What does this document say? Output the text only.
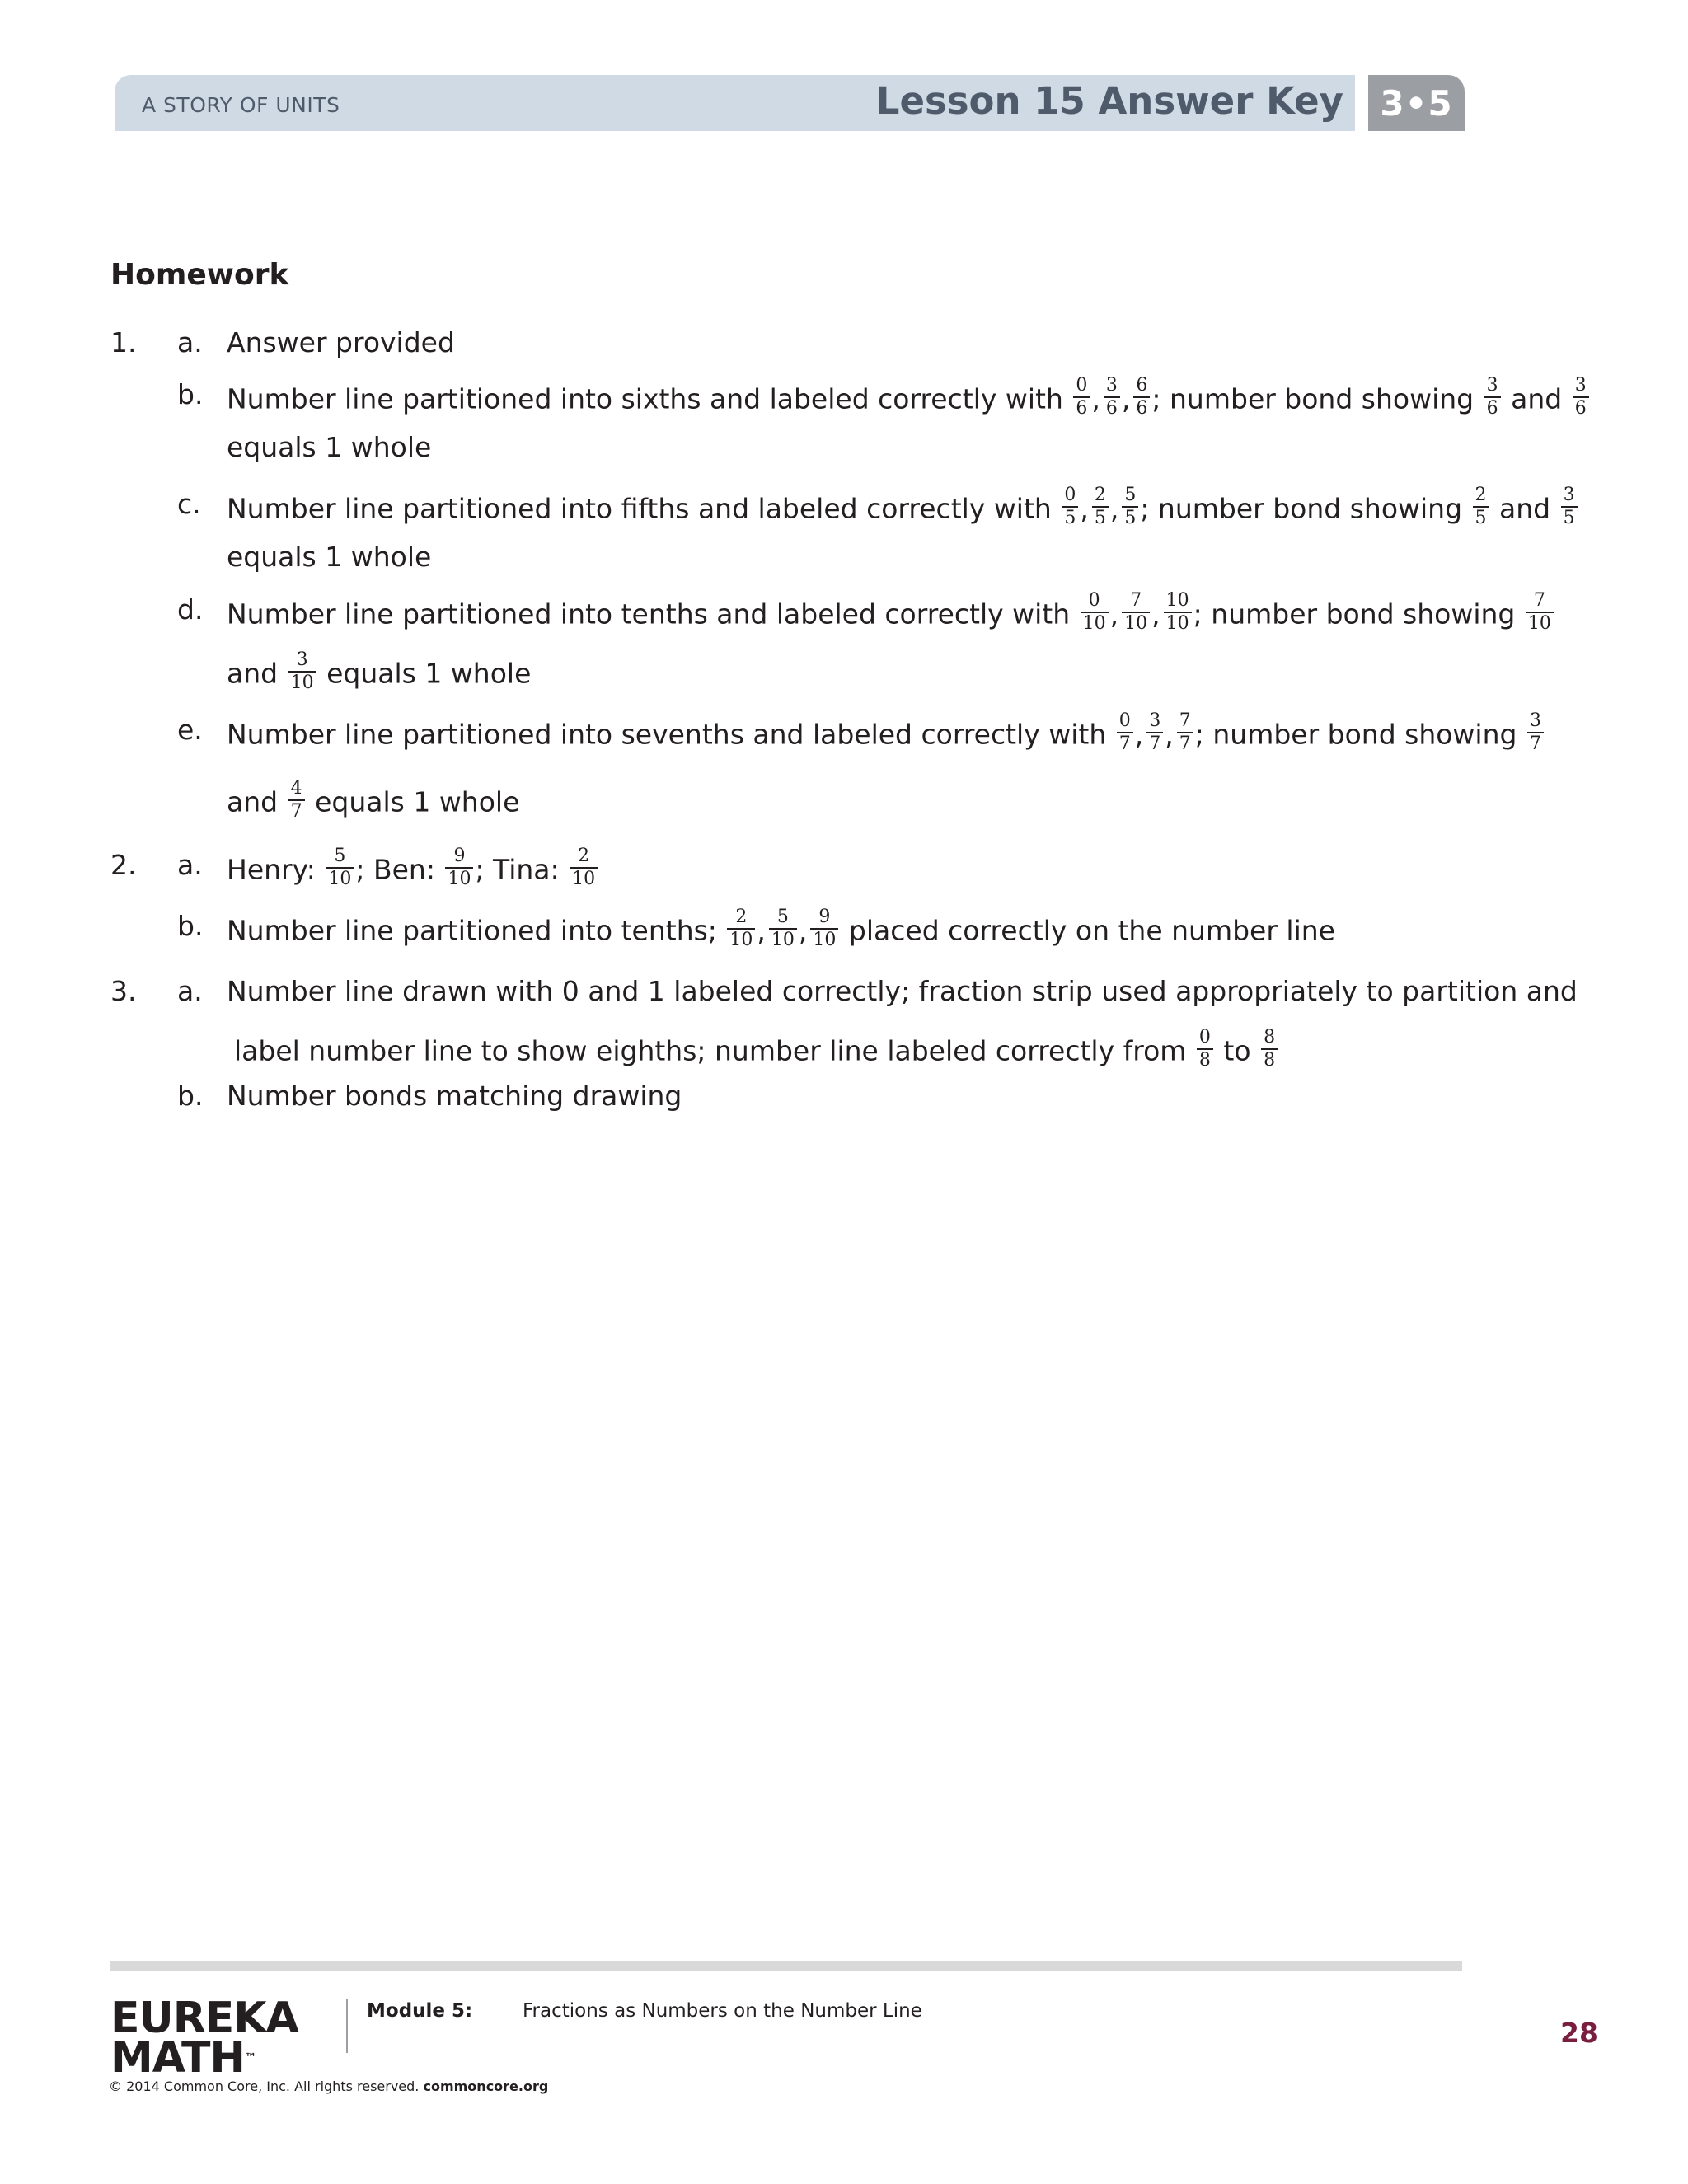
A STORY OF UNITS	Lesson 15 Answer Key	3•5
Homework
1. a. Answer provided
b. Number line partitioned into sixths and labeled correctly with $\frac{0}{6}$ , $\frac{3}{6}$ , $\frac{6}{6}$ ; number bond showing $\frac{3}{6}$ and $\frac{3}{6}$
equals 1 whole
c. Number line partitioned into fifths and labeled correctly with $\frac{0}{5}$ , $\frac{2}{5}$ , $\frac{5}{5}$ ; number bond showing $\frac{2}{5}$ and $\frac{3}{5}$
equals 1 whole
d. Number line partitioned into tenths and labeled correctly with $\frac{0}{10}$ , $\frac{7}{10}$ , $\frac{10}{10}$ ; number bond showing $\frac{7}{10}$
and $\frac{3}{10}$ equals 1 whole
e. Number line partitioned into sevenths and labeled correctly with $\frac{0}{7}$ , $\frac{3}{7}$ , $\frac{7}{7}$ ; number bond showing $\frac{3}{7}$
and $\frac{4}{7}$ equals 1 whole
2. a. Henry: $\frac{5}{10}$ ; Ben: $\frac{9}{10}$ ; Tina: $\frac{2}{10}$
b. Number line partitioned into tenths; $\frac{2}{10}$ , $\frac{5}{10}$ , $\frac{9}{10}$ placed correctly on the number line
3. a. Number line drawn with 0 and 1 labeled correctly; fraction strip used appropriately to partition and
label number line to show eighths; number line labeled correctly from $\frac{0}{8}$ to $\frac{8}{8}$
b. Number bonds matching drawing
EUREKA
MATH™
Module 5:	Fractions as Numbers on the Number Line
28
© 2014 Common Core, Inc. All rights reserved. commoncore.org
